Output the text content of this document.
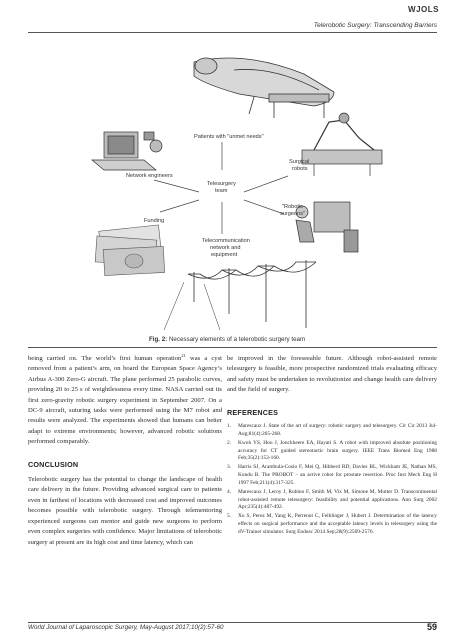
WJOLS
Telerobotic Surgery: Transcending Barriers
Patients with "unmet needs"
Network engineers
Surgical
robots
Telesurgery
team
"Robotic
surgeons"
Funding
Telecommunication
network and
equipment
Fig. 2: Necessary elements of a telerobotic surgery team

being carried on. The world’s first human operation$^{21}$ was a cyst removed from a patient’s arm, on board the European Space Agency’s Airbus A-300 Zero-G aircraft. The plane performed 25 parabolic curves, providing 20 to 25 s of weightlessness every time. NASA carried out its first zero-gravity robotic surgery experiment in September 2007. On a DC-9 aircraft, suturing tasks were performed using the M7 robot and results were analyzed. The experiments showed that humans can better adapt to extreme environments; however, advanced robotic solutions performed comparably.

CONCLUSION

Telerobotic surgery has the potential to change the landscape of health care delivery in the future. Providing advanced surgical care to patients even in farthest of locations with decreased cost and improved outcomes becomes possible with telerobotic surgery. Through telementoring experienced surgeons can mentor and guide new surgeons to perform even complex surgeries with confidence. Major limitations of telerobotic surgery at present are its high cost and time latency, which can

be improved in the foreseeable future. Although robot-assisted remote telesurgery is feasible, more prospective randomized trials evaluating efficacy and safety must be undertaken to revolutionize and change health care delivery and the field of surgery.

REFERENCES
1.	Marescaux J. State of the art of surgery: robotic surgery and telesurgery. Cir Cir 2013 Jul-Aug;81(4):265-268.
2.	Kwoh YS, Hou J, Jonckheere EA, Hayati S. A robot with improved absolute positioning accuracy for CT guided stereotactic brain surgery. IEEE Trans Biomed Eng 1988 Feb;35(2):153-160.
3.	Harris SJ, Arambula-Cosio F, Mei Q, Hibberd RD, Davies BL, Wickham JE, Nathan MS, Kundu B. The PROBOT – an active robot for prostate resection. Proc Inst Mech Eng H 1997 Feb;211(4):317-325.
4.	Marescaux J, Leroy J, Rubino F, Smith M, Vix M, Simone M, Mutter D. Transcontinental robot-assisted remote telesurgery: feasibility and potential applications. Ann Surg 2002 Apr;235(4):487-492.
5.	Xu S, Perez M, Yang K, Perrenot C, Felblinger J, Hubert J. Determination of the latency effects on surgical performance and the acceptable latency levels in telesurgery using the dV-Trainer simulator. Surg Endosc 2014 Sep;28(9):2569-2576.
World Journal of Laparoscopic Surgery, May-August 2017;10(2):57-60	59
